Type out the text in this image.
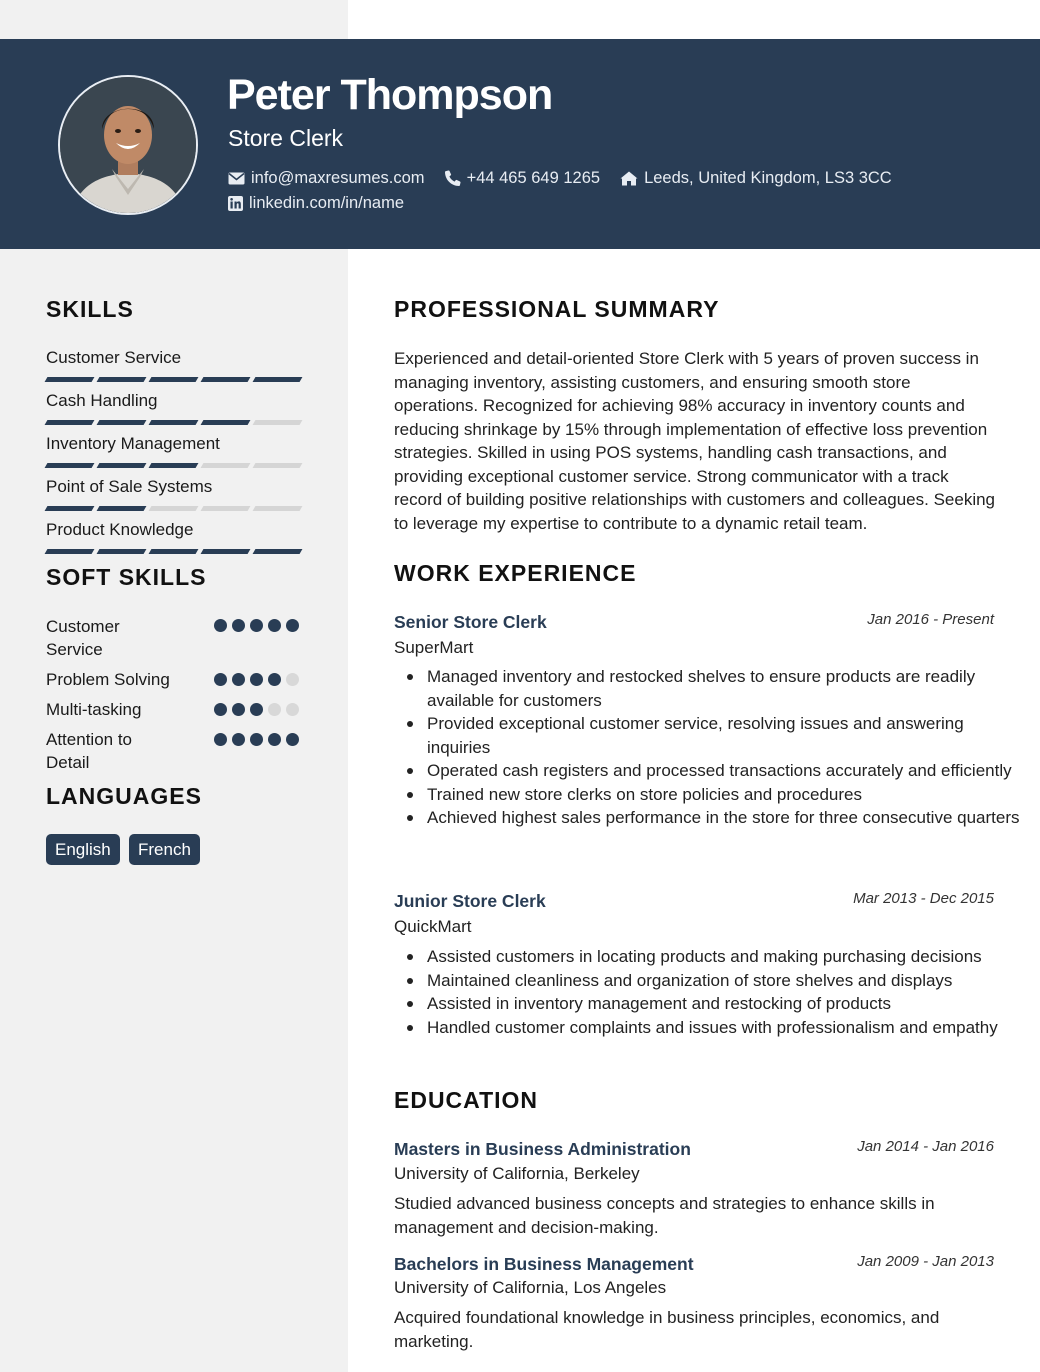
Peter Thompson
Store Clerk
info@maxresumes.com	+44 465 649 1265	Leeds, United Kingdom, LS3 3CC
linkedin.com/in/name
SKILLS
Customer Service
Cash Handling
Inventory Management
Point of Sale Systems
Product Knowledge
SOFT SKILLS
Customer Service
Problem Solving
Multi-tasking
Attention to Detail
LANGUAGES
English	French
PROFESSIONAL SUMMARY

Experienced and detail-oriented Store Clerk with 5 years of proven success in managing inventory, assisting customers, and ensuring smooth store operations. Recognized for achieving 98% accuracy in inventory counts and reducing shrinkage by 15% through implementation of effective loss prevention strategies. Skilled in using POS systems, handling cash transactions, and providing exceptional customer service. Strong communicator with a track record of building positive relationships with customers and colleagues. Seeking to leverage my expertise to contribute to a dynamic retail team.

WORK EXPERIENCE
Senior Store Clerk	Jan 2016 - Present
SuperMart
Managed inventory and restocked shelves to ensure products are readily available for customers
Provided exceptional customer service, resolving issues and answering inquiries
Operated cash registers and processed transactions accurately and efficiently
Trained new store clerks on store policies and procedures
Achieved highest sales performance in the store for three consecutive quarters
Junior Store Clerk	Mar 2013 - Dec 2015
QuickMart
Assisted customers in locating products and making purchasing decisions
Maintained cleanliness and organization of store shelves and displays
Assisted in inventory management and restocking of products
Handled customer complaints and issues with professionalism and empathy
EDUCATION
Masters in Business Administration	Jan 2014 - Jan 2016
University of California, Berkeley

Studied advanced business concepts and strategies to enhance skills in management and decision-making.

Bachelors in Business Management	Jan 2009 - Jan 2013
University of California, Los Angeles

Acquired foundational knowledge in business principles, economics, and marketing.
